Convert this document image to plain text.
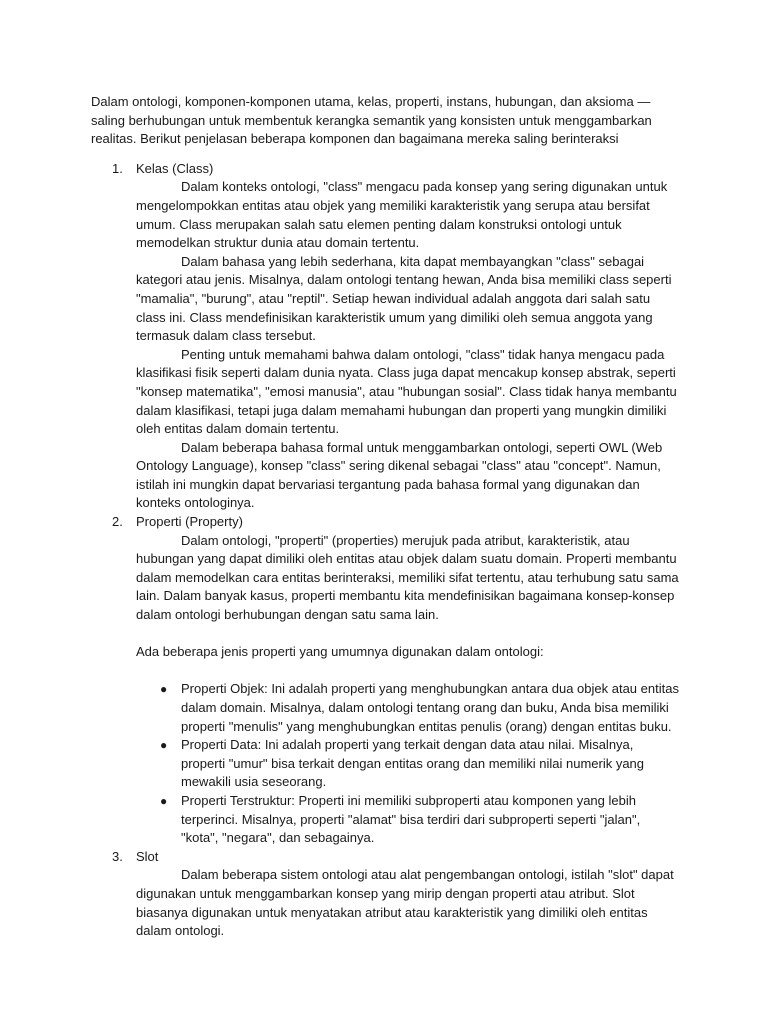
Dalam ontologi, komponen-komponen utama, kelas, properti, instans, hubungan, dan aksioma — saling berhubungan untuk membentuk kerangka semantik yang konsisten untuk menggambarkan realitas. Berikut penjelasan beberapa komponen dan bagaimana mereka saling berinteraksi

1. Kelas (Class)

Dalam konteks ontologi, "class" mengacu pada konsep yang sering digunakan untuk mengelompokkan entitas atau objek yang memiliki karakteristik yang serupa atau bersifat umum. Class merupakan salah satu elemen penting dalam konstruksi ontologi untuk memodelkan struktur dunia atau domain tertentu.

Dalam bahasa yang lebih sederhana, kita dapat membayangkan "class" sebagai kategori atau jenis. Misalnya, dalam ontologi tentang hewan, Anda bisa memiliki class seperti "mamalia", "burung", atau "reptil". Setiap hewan individual adalah anggota dari salah satu class ini. Class mendefinisikan karakteristik umum yang dimiliki oleh semua anggota yang termasuk dalam class tersebut.

Penting untuk memahami bahwa dalam ontologi, "class" tidak hanya mengacu pada klasifikasi fisik seperti dalam dunia nyata. Class juga dapat mencakup konsep abstrak, seperti "konsep matematika", "emosi manusia", atau "hubungan sosial". Class tidak hanya membantu dalam klasifikasi, tetapi juga dalam memahami hubungan dan properti yang mungkin dimiliki oleh entitas dalam domain tertentu.

Dalam beberapa bahasa formal untuk menggambarkan ontologi, seperti OWL (Web Ontology Language), konsep "class" sering dikenal sebagai "class" atau "concept". Namun, istilah ini mungkin dapat bervariasi tergantung pada bahasa formal yang digunakan dan konteks ontologinya.

2. Properti (Property)

Dalam ontologi, "properti" (properties) merujuk pada atribut, karakteristik, atau hubungan yang dapat dimiliki oleh entitas atau objek dalam suatu domain. Properti membantu dalam memodelkan cara entitas berinteraksi, memiliki sifat tertentu, atau terhubung satu sama lain. Dalam banyak kasus, properti membantu kita mendefinisikan bagaimana konsep-konsep dalam ontologi berhubungan dengan satu sama lain.

Ada beberapa jenis properti yang umumnya digunakan dalam ontologi:

● Properti Objek: Ini adalah properti yang menghubungkan antara dua objek atau entitas dalam domain. Misalnya, dalam ontologi tentang orang dan buku, Anda bisa memiliki properti "menulis" yang menghubungkan entitas penulis (orang) dengan entitas buku.
● Properti Data: Ini adalah properti yang terkait dengan data atau nilai. Misalnya, properti "umur" bisa terkait dengan entitas orang dan memiliki nilai numerik yang mewakili usia seseorang.
● Properti Terstruktur: Properti ini memiliki subproperti atau komponen yang lebih terperinci. Misalnya, properti "alamat" bisa terdiri dari subproperti seperti "jalan", "kota", "negara", dan sebagainya.
3. Slot

Dalam beberapa sistem ontologi atau alat pengembangan ontologi, istilah "slot" dapat digunakan untuk menggambarkan konsep yang mirip dengan properti atau atribut. Slot biasanya digunakan untuk menyatakan atribut atau karakteristik yang dimiliki oleh entitas dalam ontologi.
